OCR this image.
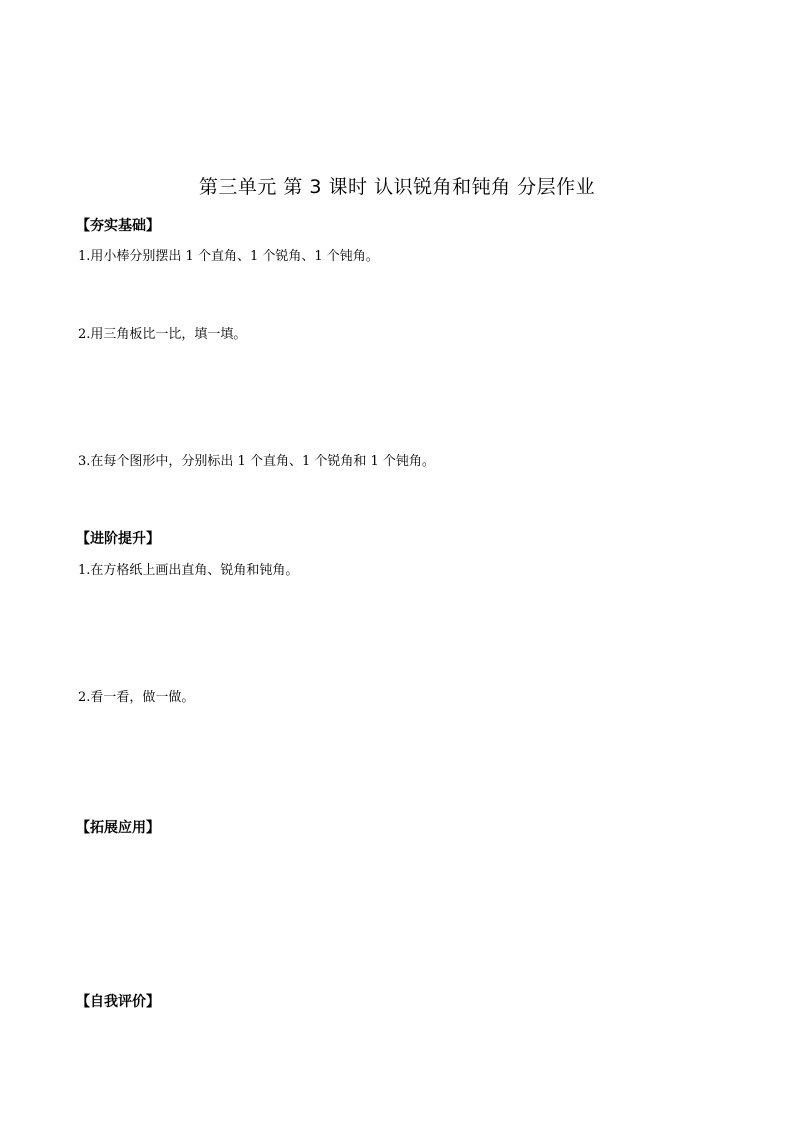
第三单元 第 3 课时 认识锐角和钝角 分层作业
【夯实基础】
1.用小棒分别摆出 1 个直角、1 个锐角、1 个钝角。
2.用三角板比一比，填一填。
3.在每个图形中，分别标出 1 个直角、1 个锐角和 1 个钝角。
【进阶提升】
1.在方格纸上画出直角、锐角和钝角。
2.看一看，做一做。
【拓展应用】
【自我评价】
